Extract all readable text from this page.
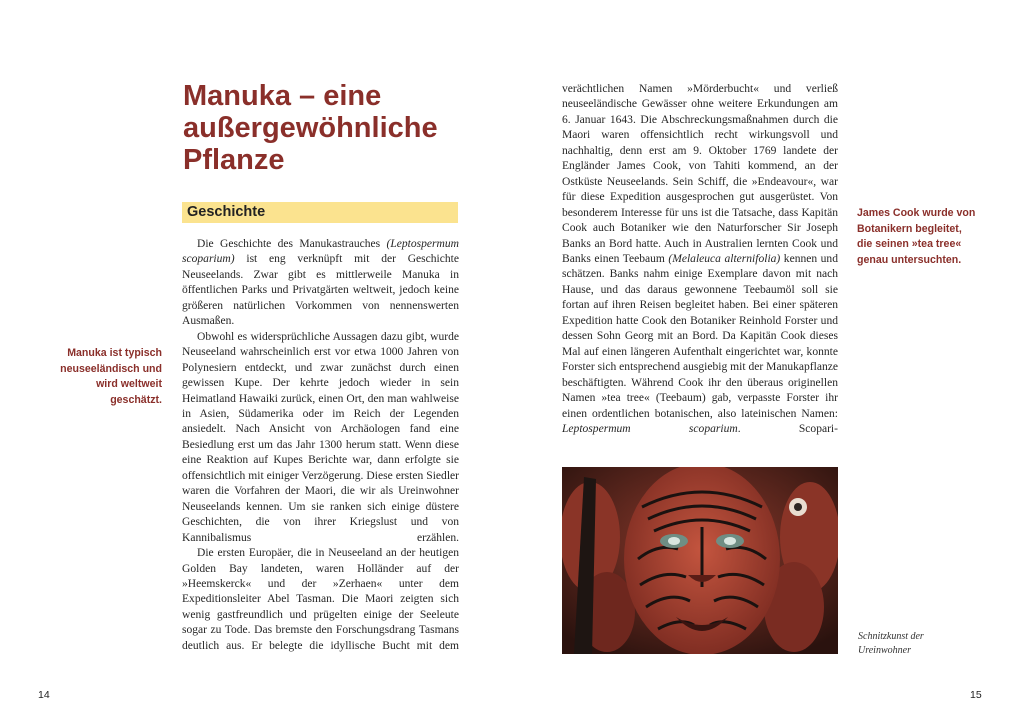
Manuka – eine außergewöhnliche Pflanze
Geschichte
Manuka ist typisch neuseeländisch und wird weltweit geschätzt.

Die Geschichte des Manukastrauches (Leptospermum scoparium) ist eng verknüpft mit der Geschichte Neuseelands. Zwar gibt es mittlerweile Manuka in öffentlichen Parks und Privatgärten weltweit, jedoch keine größeren natürlichen Vorkommen von nennenswerten Ausmaßen.

Obwohl es widersprüchliche Aussagen dazu gibt, wurde Neuseeland wahrscheinlich erst vor etwa 1000 Jahren von Polynesiern entdeckt, und zwar zunächst durch einen gewissen Kupe. Der kehrte jedoch wieder in sein Heimatland Hawaiki zurück, einen Ort, den man wahlweise in Asien, Südamerika oder im Reich der Legenden ansiedelt. Nach Ansicht von Archäologen fand eine Besiedlung erst um das Jahr 1300 herum statt. Wenn diese eine Reaktion auf Kupes Berichte war, dann erfolgte sie offensichtlich mit einiger Verzögerung. Diese ersten Siedler waren die Vorfahren der Maori, die wir als Ureinwohner Neuseelands kennen. Um sie ranken sich einige düstere Geschichten, die von ihrer Kriegslust und von Kannibalismus erzählen.

Die ersten Europäer, die in Neuseeland an der heutigen Golden Bay landeten, waren Holländer auf der »Heemskerck« und der »Zerhaen« unter dem Expeditionsleiter Abel Tasman. Die Maori zeigten sich wenig gastfreundlich und prügelten einige der Seeleute sogar zu Tode. Das bremste den Forschungsdrang Tasmans deutlich aus. Er belegte die idyllische Bucht mit dem

14

verächtlichen Namen »Mörderbucht« und verließ neuseeländische Gewässer ohne weitere Erkundungen am 6. Januar 1643. Die Abschreckungsmaßnahmen durch die Maori waren offensichtlich recht wirkungsvoll und nachhaltig, denn erst am 9. Oktober 1769 landete der Engländer James Cook, von Tahiti kommend, an der Ostküste Neuseelands. Sein Schiff, die »Endeavour«, war für diese Expedition ausgesprochen gut ausgerüstet. Von besonderem Interesse für uns ist die Tatsache, dass Kapitän Cook auch Botaniker wie den Naturforscher Sir Joseph Banks an Bord hatte. Auch in Australien lernten Cook und Banks einen Teebaum (Melaleuca alternifolia) kennen und schätzen. Banks nahm einige Exemplare davon mit nach Hause, und das daraus gewonnene Teebaumöl soll sie fortan auf ihren Reisen begleitet haben. Bei einer späteren Expedition hatte Cook den Botaniker Reinhold Forster und dessen Sohn Georg mit an Bord. Da Kapitän Cook dieses Mal auf einen längeren Aufenthalt eingerichtet war, konnte Forster sich entsprechend ausgiebig mit der Manukapflanze beschäftigten. Während Cook ihr den überaus originellen Namen »tea tree« (Teebaum) gab, verpasste Forster ihr einen ordentlichen botanischen, also lateinischen Namen: Leptospermum scoparium. Scopari-

James Cook wurde von Botanikern begleitet, die seinen »tea tree« genau untersuchten.
Schnitzkunst der Ureinwohner
15
